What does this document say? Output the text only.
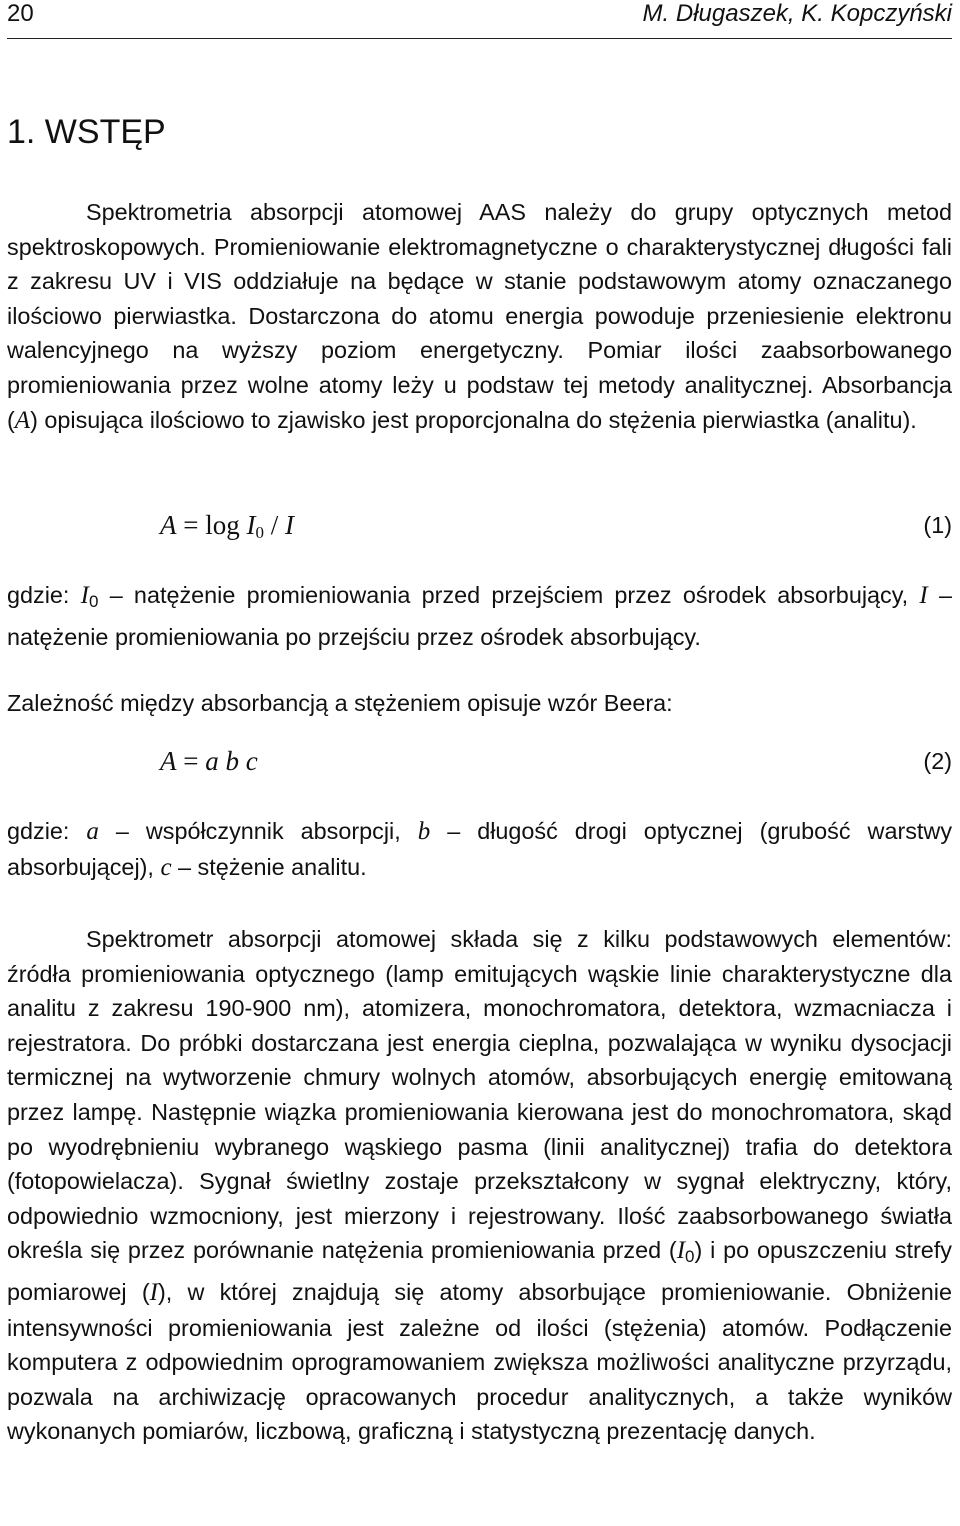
20	M. Długaszek, K. Kopczyński
1. WSTĘP
Spektrometria absorpcji atomowej AAS należy do grupy optycznych metod spektroskopowych. Promieniowanie elektromagnetyczne o charakterystycznej długości fali z zakresu UV i VIS oddziałuje na będące w stanie podstawowym atomy oznaczanego ilościowo pierwiastka. Dostarczona do atomu energia powoduje przeniesienie elektronu walencyjnego na wyższy poziom energetyczny. Pomiar ilości zaabsorbowanego promieniowania przez wolne atomy leży u podstaw tej metody analitycznej. Absorbancja (A) opisująca ilościowo to zjawisko jest proporcjonalna do stężenia pierwiastka (analitu).
$A = \log I_0 / I$	(1)
gdzie: $I_0$ – natężenie promieniowania przed przejściem przez ośrodek absorbujący, I – natężenie promieniowania po przejściu przez ośrodek absorbujący.
Zależność między absorbancją a stężeniem opisuje wzór Beera:
A = a b c	(2)
gdzie: a – współczynnik absorpcji, b – długość drogi optycznej (grubość warstwy absorbującej), c – stężenie analitu.
Spektrometr absorpcji atomowej składa się z kilku podstawowych elementów: źródła promieniowania optycznego (lamp emitujących wąskie linie charakterystyczne dla analitu z zakresu 190-900 nm), atomizera, monochromatora, detektora, wzmacniacza i rejestratora. Do próbki dostarczana jest energia cieplna, pozwalająca w wyniku dysocjacji termicznej na wytworzenie chmury wolnych atomów, absorbujących energię emitowaną przez lampę. Następnie wiązka promieniowania kierowana jest do monochromatora, skąd po wyodrębnieniu wybranego wąskiego pasma (linii analitycznej) trafia do detektora (fotopowielacza). Sygnał świetlny zostaje przekształcony w sygnał elektryczny, który, odpowiednio wzmocniony, jest mierzony i rejestrowany. Ilość zaabsorbowanego światła określa się przez porównanie natężenia promieniowania przed $(I_0)$ i po opuszczeniu strefy pomiarowej (I), w której znajdują się atomy absorbujące promieniowanie. Obniżenie intensywności promieniowania jest zależne od ilości (stężenia) atomów. Podłączenie komputera z odpowiednim oprogramowaniem zwiększa możliwości analityczne przyrządu, pozwala na archiwizację opracowanych procedur analitycznych, a także wyników wykonanych pomiarów, liczbową, graficzną i statystyczną prezentację danych.
